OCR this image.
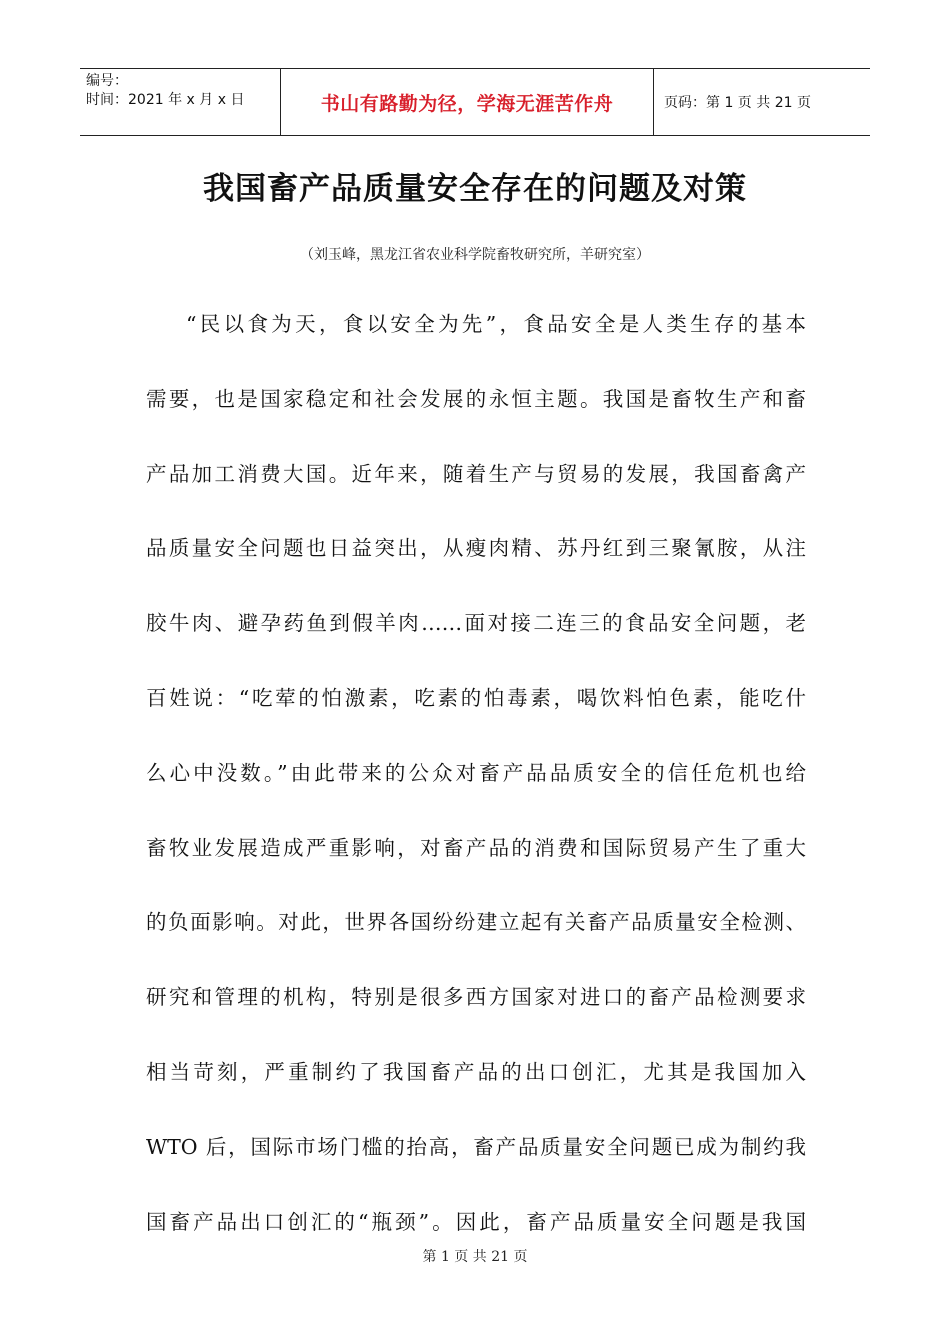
编号：
时间：2021 年 x 月 x 日	书山有路勤为径，学海无涯苦作舟	页码：第 1 页 共 21 页
我国畜产品质量安全存在的问题及对策
（刘玉峰，黑龙江省农业科学院畜牧研究所，羊研究室）
“民以食为天，食以安全为先”，食品安全是人类生存的基本
需要，也是国家稳定和社会发展的永恒主题。我国是畜牧生产和畜
产品加工消费大国。近年来，随着生产与贸易的发展，我国畜禽产
品质量安全问题也日益突出，从瘦肉精、苏丹红到三聚氰胺，从注
胶牛肉、避孕药鱼到假羊肉……面对接二连三的食品安全问题，老
百姓说：“吃荤的怕激素，吃素的怕毒素，喝饮料怕色素，能吃什
么心中没数。”由此带来的公众对畜产品品质安全的信任危机也给
畜牧业发展造成严重影响，对畜产品的消费和国际贸易产生了重大
的负面影响。对此，世界各国纷纷建立起有关畜产品质量安全检测、
研究和管理的机构，特别是很多西方国家对进口的畜产品检测要求
相当苛刻，严重制约了我国畜产品的出口创汇，尤其是我国加入
WTO 后，国际市场门槛的抬高，畜产品质量安全问题已成为制约我
国畜产品出口创汇的“瓶颈”。因此，畜产品质量安全问题是我国
第 1 页 共 21 页
